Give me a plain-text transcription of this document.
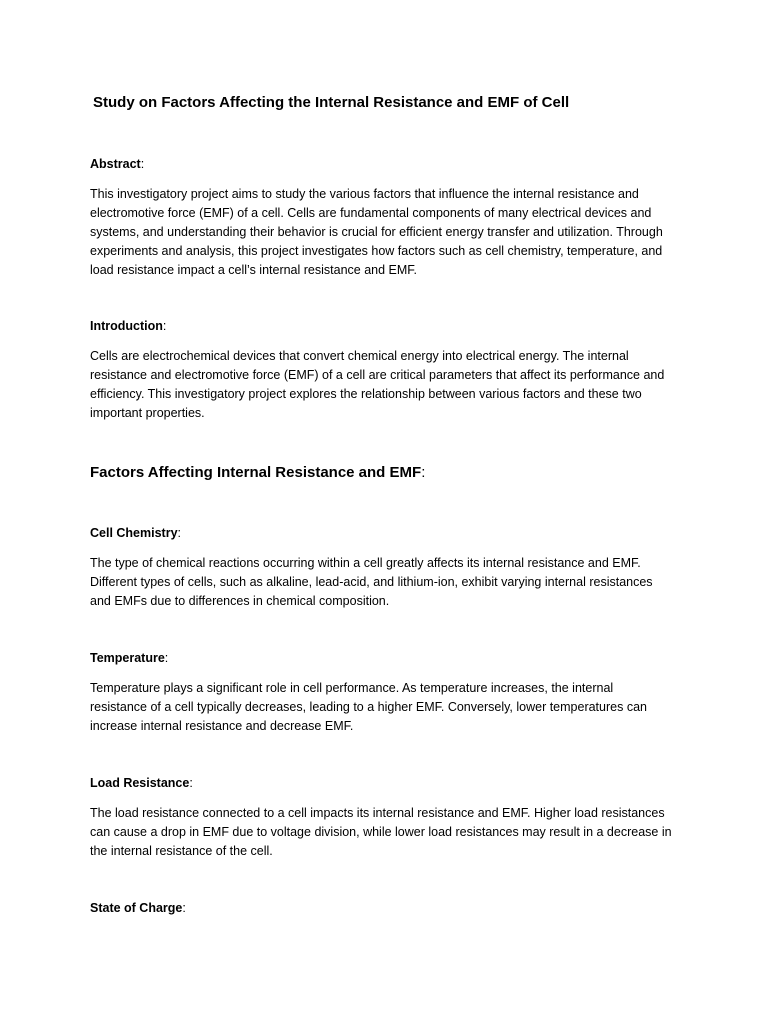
Study on Factors Affecting the Internal Resistance and EMF of Cell

Abstract:

This investigatory project aims to study the various factors that influence the internal resistance and
electromotive force (EMF) of a cell. Cells are fundamental components of many electrical devices and
systems, and understanding their behavior is crucial for efficient energy transfer and utilization. Through
experiments and analysis, this project investigates how factors such as cell chemistry, temperature, and
load resistance impact a cell’s internal resistance and EMF.

Introduction:

Cells are electrochemical devices that convert chemical energy into electrical energy. The internal
resistance and electromotive force (EMF) of a cell are critical parameters that affect its performance and
efficiency. This investigatory project explores the relationship between various factors and these two
important properties.

Factors Affecting Internal Resistance and EMF:

Cell Chemistry:

The type of chemical reactions occurring within a cell greatly affects its internal resistance and EMF.
Different types of cells, such as alkaline, lead-acid, and lithium-ion, exhibit varying internal resistances
and EMFs due to differences in chemical composition.

Temperature:

Temperature plays a significant role in cell performance. As temperature increases, the internal
resistance of a cell typically decreases, leading to a higher EMF. Conversely, lower temperatures can
increase internal resistance and decrease EMF.

Load Resistance:

The load resistance connected to a cell impacts its internal resistance and EMF. Higher load resistances
can cause a drop in EMF due to voltage division, while lower load resistances may result in a decrease in
the internal resistance of the cell.

State of Charge:
